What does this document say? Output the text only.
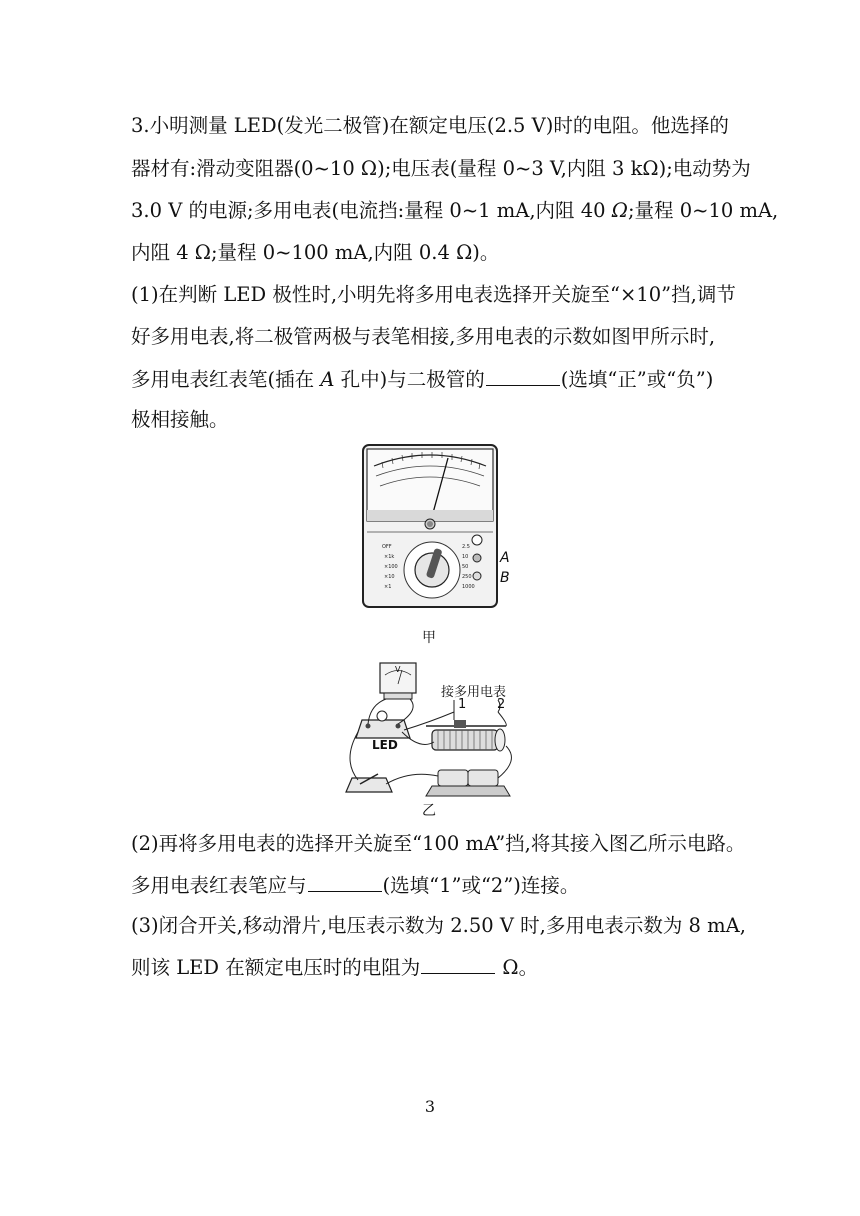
3.小明测量 LED(发光二极管)在额定电压(2.5 V)时的电阻。他选择的
器材有:滑动变阻器(0~10 Ω);电压表(量程 0~3 V,内阻 3 kΩ);电动势为
3.0 V 的电源;多用电表(电流挡:量程 0~1 mA,内阻 40 Ω;量程 0~10 mA,
内阻 4 Ω;量程 0~100 mA,内阻 0.4 Ω)。
(1)在判断 LED 极性时,小明先将多用电表选择开关旋至“×10”挡,调节
好多用电表,将二极管两极与表笔相接,多用电表的示数如图甲所示时,
多用电表红表笔(插在 A 孔中)与二极管的	(选填“正”或“负”)
极相接触。
OFF
×1k
×100
×10
×1
2.5
10
50
250
1000
A
B
甲
接多用电表
1 2
LED
V
乙
(2)再将多用电表的选择开关旋至“100 mA”挡,将其接入图乙所示电路。
多用电表红表笔应与	(选填“1”或“2”)连接。
(3)闭合开关,移动滑片,电压表示数为 2.50 V 时,多用电表示数为 8 mA,
则该 LED 在额定电压时的电阻为	Ω。
3
